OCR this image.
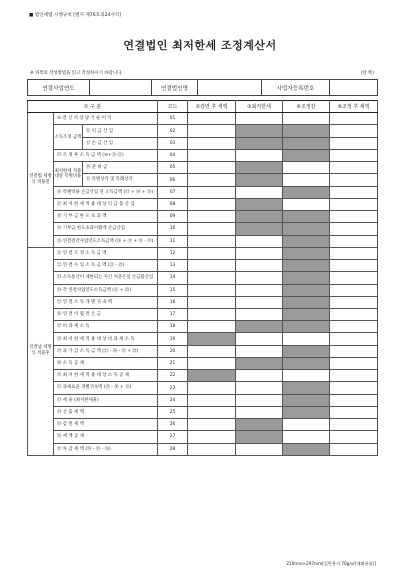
■ 법인세법 시행규칙 [별지 제76호의24서식]
연결법인 최저한세 조정계산서
※ 뒤쪽의 작성방법을 읽고 작성하시기 바랍니다.	(앞 쪽)
연결사업연도		연결법인명		사업자등록번호	
① 구 분			코드	②감면 후 세액	③최저한세	④조정감	⑤조정 후 세액
연결법 세방식 적용전	⑩ 결 산 서 상 당 기 순 이 익		01				
	소득조정 금액	⑪ 익 금 산 입	02				
		⑫ 손 금 산 입	03				
	⑬ 조 정 후 소 득 금 액 (⑩+⑪-⑫)		04				
	최저한세 적용대상 특별비용	⑭ 준 비 금	05				
		⑮ 특별상각 및 특례상각	06				
	⑯ 특별비용 손금산입 전 소득금액 (⑬ + ⑭ + ⑮)		07				
	⑰ 최 저 한 세 적 용 대 상 익 금 불 산 입		08				
	⑱ 기 부 금 한 도 초 과 액		09				
	⑲ 기부금 한도초과이월액 손금산입		10				
	⑳ 연결전각사업연도소득금액 (⑯ + ⑰ + ⑱ - ⑲)		11				
연결납 세방식 적용후	㉑ 연 결 조 정 소 득 금 액		12				
	㉒ 연 결 수 입 소 득 금 액 (㉑ - ㉓)		13				
	㉓ 소득통산이 제한되는 자산 처분손실 손금불산입		14				
	㉔ 각 연결사업연도소득금액 (㉑ + ㉓)		15				
	㉕ 연 결 소 득 개 별 귀 속 액		16				
	㉖ 연 결 이 월 결 손 금		17				
	㉗ 비 과 세 소 득		18				
	㉘ 최 저 한 세 적 용 대 상 비 과 세 소 득		19				
	㉙ 과 가 감 소 득 금 액 (㉕ - ㉖ - ㉗ + ㉘)		20				
	㉚ 소 득 공 제		21				
	㉛ 최 저 한 세 적 용 대 상 소 득 공 제		22				
	㉜ 과세표준 개별귀속액 (㉙ - ㉚ + ㉛)		23				
	㉝ 세 율 (최저한세율)		24				
	㉞ 산 출 세 액		25				
	㉟ 감 면 세 액		26				
	㊱ 세 액 공 제		27				
	㊲ 차 감 세 액 (㉞ - ㉟ - ㊱)		28				
210mm×297mm[일반용지 70g/㎡(재활용품)]
